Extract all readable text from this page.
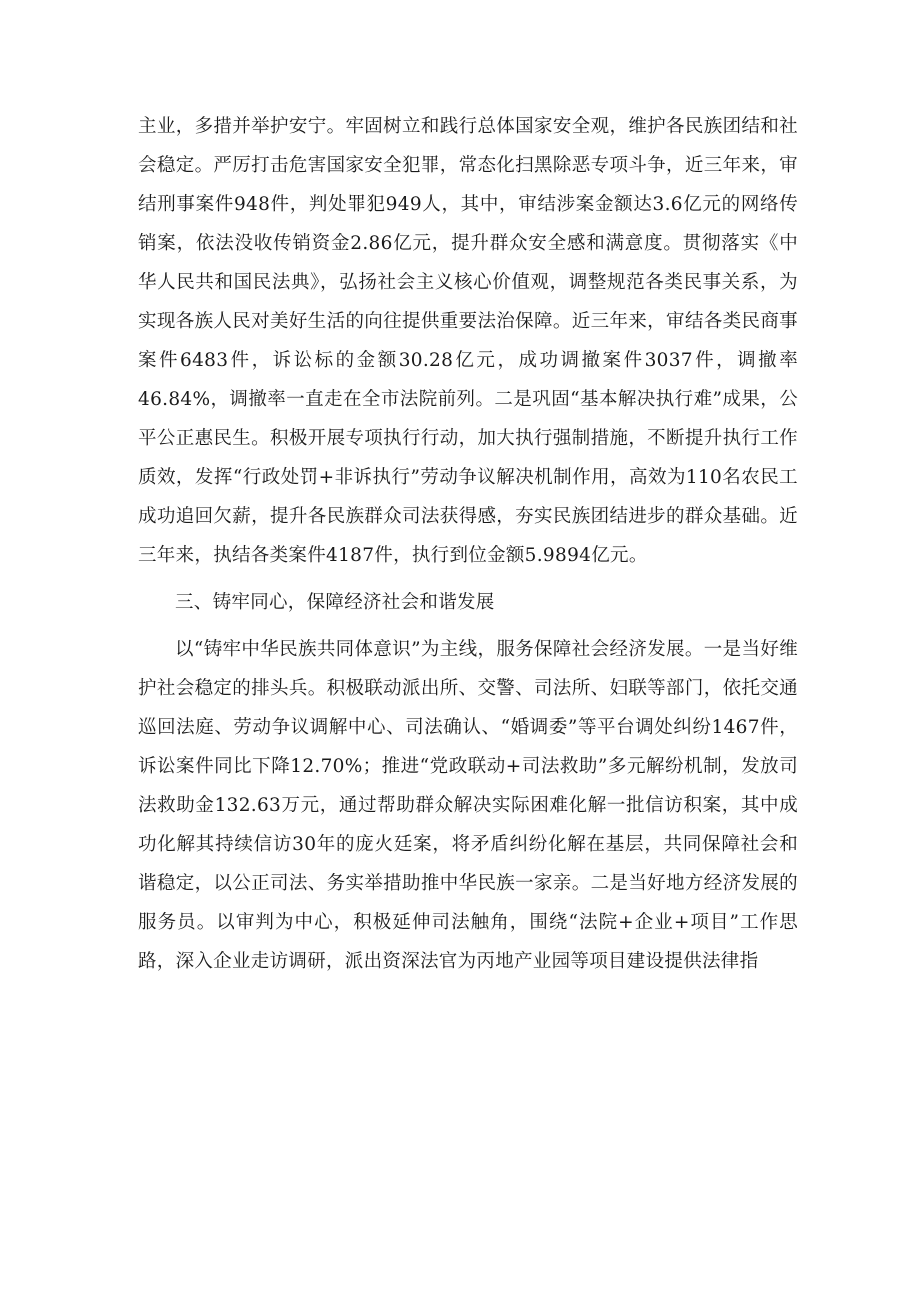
主业，多措并举护安宁。牢固树立和践行总体国家安全观，维护各民族团结和社会稳定。严厉打击危害国家安全犯罪，常态化扫黑除恶专项斗争，近三年来，审结刑事案件948件，判处罪犯949人，其中，审结涉案金额达3.6亿元的网络传销案，依法没收传销资金2.86亿元，提升群众安全感和满意度。贯彻落实《中华人民共和国民法典》，弘扬社会主义核心价值观，调整规范各类民事关系，为实现各族人民对美好生活的向往提供重要法治保障。近三年来，审结各类民商事案件6483件，诉讼标的金额30.28亿元，成功调撤案件3037件，调撤率46.84%，调撤率一直走在全市法院前列。二是巩固“基本解决执行难”成果，公平公正惠民生。积极开展专项执行行动，加大执行强制措施，不断提升执行工作质效，发挥“行政处罚+非诉执行”劳动争议解决机制作用，高效为110名农民工成功追回欠薪，提升各民族群众司法获得感，夯实民族团结进步的群众基础。近三年来，执结各类案件4187件，执行到位金额5.9894亿元。

三、铸牢同心，保障经济社会和谐发展

以“铸牢中华民族共同体意识”为主线，服务保障社会经济发展。一是当好维护社会稳定的排头兵。积极联动派出所、交警、司法所、妇联等部门，依托交通巡回法庭、劳动争议调解中心、司法确认、“婚调委”等平台调处纠纷1467件，诉讼案件同比下降12.70%；推进“党政联动+司法救助”多元解纷机制，发放司法救助金132.63万元，通过帮助群众解决实际困难化解一批信访积案，其中成功化解其持续信访30年的庞火廷案，将矛盾纠纷化解在基层，共同保障社会和谐稳定，以公正司法、务实举措助推中华民族一家亲。二是当好地方经济发展的服务员。以审判为中心，积极延伸司法触角，围绕“法院+企业+项目”工作思路，深入企业走访调研，派出资深法官为丙地产业园等项目建设提供法律指
